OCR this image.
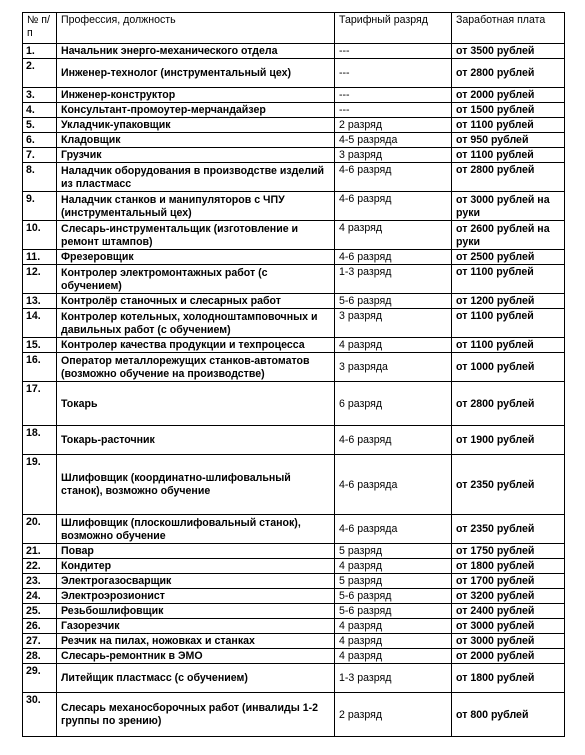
№ п/п	Профессия, должность	Тарифный разряд	Заработная плата
1.	Начальник энерго-механического отдела	---	от 3500 рублей
2.	Инженер-технолог (инструментальный цех)	---	от 2800 рублей
3.	Инженер-конструктор	---	от 2000 рублей
4.	Консультант-промоутер-мерчандайзер	---	от 1500 рублей
5.	Укладчик-упаковщик	2 разряд	от 1100 рублей
6.	Кладовщик	4-5 разряда	от 950 рублей
7.	Грузчик	3 разряд	от 1100 рублей
8.	Наладчик оборудования в производстве изделий из пластмасс	4-6 разряд	от 2800 рублей
9.	Наладчик станков и манипуляторов с ЧПУ (инструментальный цех)	4-6 разряд	от 3000 рублей на руки
10.	Слесарь-инструментальщик (изготовление и ремонт штампов)	4 разряд	от 2600 рублей на руки
11.	Фрезеровщик	4-6 разряд	от 2500 рублей
12.	Контролер электромонтажных работ (с обучением)	1-3 разряд	от 1100 рублей
13.	Контролёр станочных и слесарных работ	5-6 разряд	от 1200 рублей
14.	Контролер котельных, холодноштамповочных и давильных работ (с обучением)	3 разряд	от 1100 рублей
15.	Контролер качества продукции и техпроцесса	4 разряд	от 1100 рублей
16.	Оператор металлорежущих станков-автоматов (возможно обучение на производстве)	3 разряда	от 1000 рублей
17.	Токарь	6 разряд	от 2800 рублей
18.	Токарь-расточник	4-6 разряд	от 1900 рублей
19.	Шлифовщик (координатно-шлифовальный станок), возможно обучение	4-6 разряда	от 2350 рублей
20.	Шлифовщик (плоскошлифовальный станок), возможно обучение	4-6 разряда	от 2350 рублей
21.	Повар	5 разряд	от 1750 рублей
22.	Кондитер	4 разряд	от 1800 рублей
23.	Электрогазосварщик	5 разряд	от 1700 рублей
24.	Электроэрозионист	5-6 разряд	от 3200 рублей
25.	Резьбошлифовщик	5-6 разряд	от 2400 рублей
26.	Газорезчик	4 разряд	от 3000 рублей
27.	Резчик на пилах, ножовках и станках	4 разряд	от 3000 рублей
28.	Слесарь-ремонтник в ЭМО	4 разряд	от 2000 рублей
29.	Литейщик пластмасс (с обучением)	1-3 разряд	от 1800 рублей
30.	Слесарь механосборочных работ (инвалиды 1-2 группы по зрению)	2 разряд	от 800 рублей
